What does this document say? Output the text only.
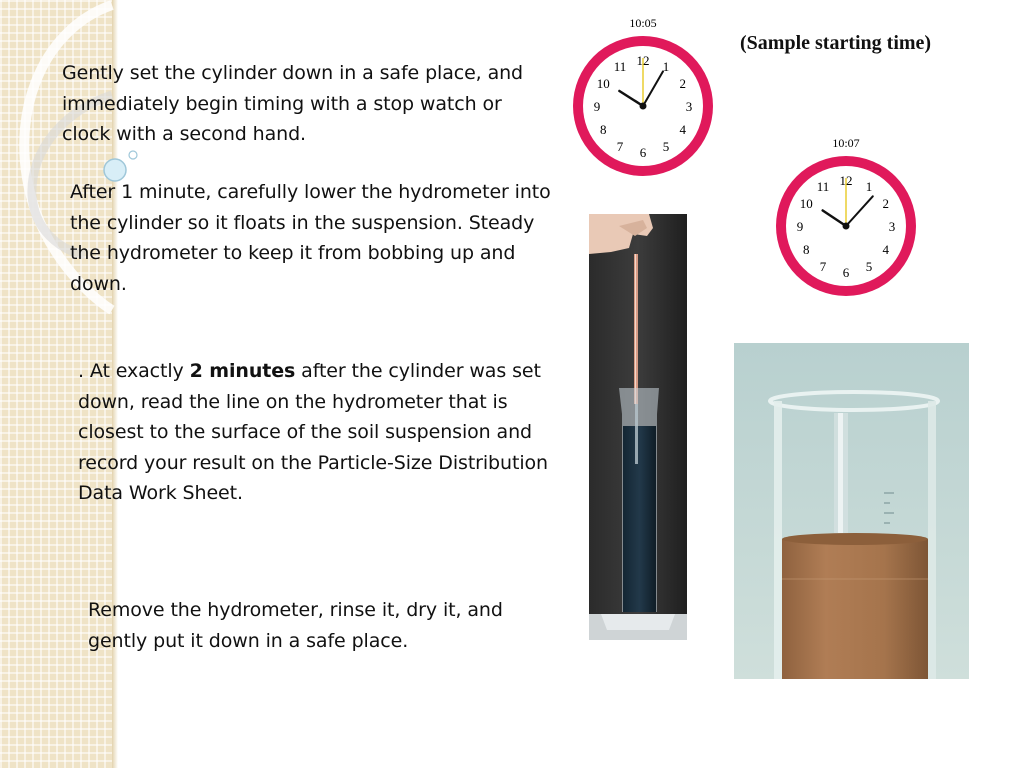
Gently set the cylinder down in a safe place, and immediately begin timing with a stop watch or clock with a second hand.
After 1 minute, carefully lower the hydrometer into the cylinder so it floats in the suspension. Steady the hydrometer to keep it from bobbing up and down.
. At exactly 2 minutes after the cylinder was set down, read the line on the hydrometer that is closest to the surface of the soil suspension and record your result on the Particle-Size Distribution Data Work Sheet.
Remove the hydrometer, rinse it, dry it, and gently put it down in a safe place.
(Sample starting time)
10:05
12 1
2
3
4
5
6
7
8
9
10
11
10:07
12 1
2
3
4
5
6
7
8
9
10
11
